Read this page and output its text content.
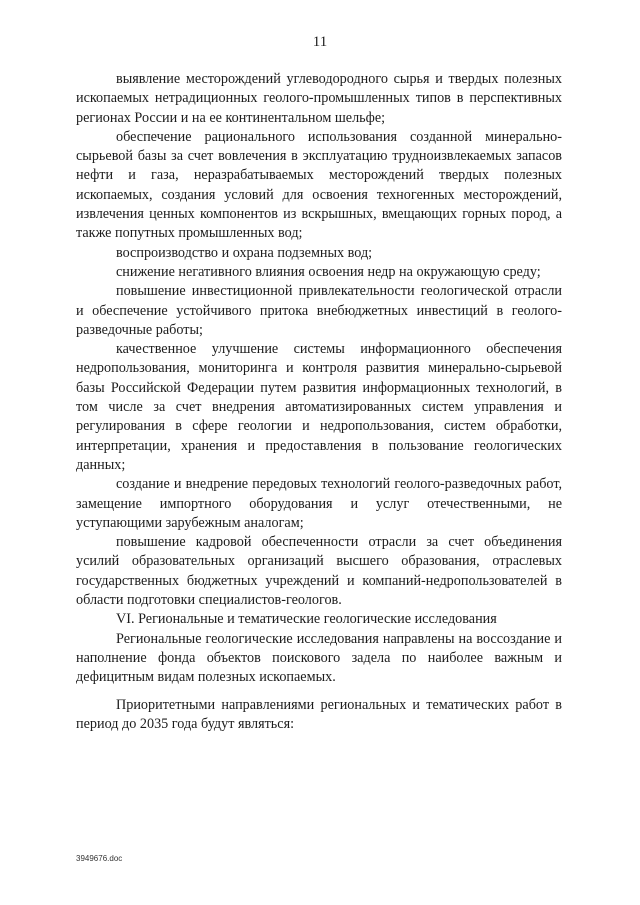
11

выявление месторождений углеводородного сырья и твердых полезных ископаемых нетрадиционных геолого-промышленных типов в перспективных регионах России и на ее континентальном шельфе;

обеспечение рационального использования созданной минерально-сырьевой базы за счет вовлечения в эксплуатацию трудноизвлекаемых запасов нефти и газа, неразрабатываемых месторождений твердых полезных ископаемых, создания условий для освоения техногенных месторождений, извлечения ценных компонентов из вскрышных, вмещающих горных пород, а также попутных промышленных вод;

воспроизводство и охрана подземных вод;

снижение негативного влияния освоения недр на окружающую среду;

повышение инвестиционной привлекательности геологической отрасли и обеспечение устойчивого притока внебюджетных инвестиций в геолого-разведочные работы;

качественное улучшение системы информационного обеспечения недропользования, мониторинга и контроля развития минерально-сырьевой базы Российской Федерации путем развития информационных технологий, в том числе за счет внедрения автоматизированных систем управления и регулирования в сфере геологии и недропользования, систем обработки, интерпретации, хранения и предоставления в пользование геологических данных;

создание и внедрение передовых технологий геолого-разведочных работ, замещение импортного оборудования и услуг отечественными, не уступающими зарубежным аналогам;

повышение кадровой обеспеченности отрасли за счет объединения усилий образовательных организаций высшего образования, отраслевых государственных бюджетных учреждений и компаний-недропользователей в области подготовки специалистов-геологов.

VI. Региональные и тематические геологические исследования

Региональные геологические исследования направлены на воссоздание и наполнение фонда объектов поискового задела по наиболее важным и дефицитным видам полезных ископаемых.

Приоритетными направлениями региональных и тематических работ в период до 2035 года будут являться:

3949676.doc
